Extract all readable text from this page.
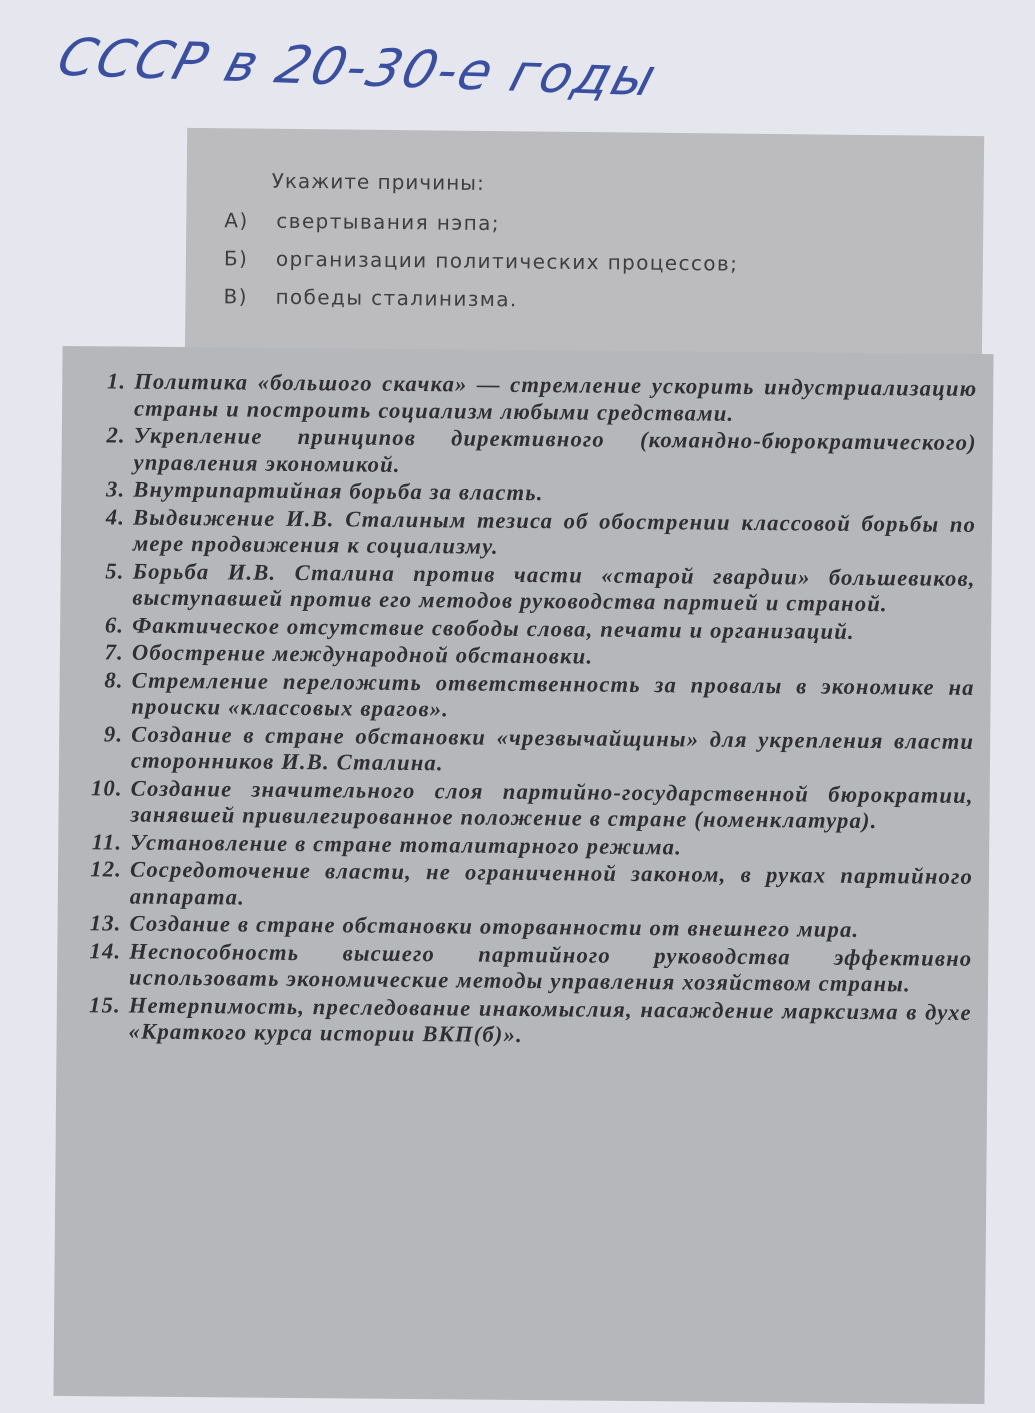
СССР в 20-30-е годы
Укажите причины:
А) свертывания нэпа;
Б) организации политических процессов;
В) победы сталинизма.
1. Политика «большого скачка» — стремление ускорить индустриализацию страны и построить социализм любыми средствами.
2. Укрепление принципов директивного (командно-бюрократического) управления экономикой.
3. Внутрипартийная борьба за власть.
4. Выдвижение И.В. Сталиным тезиса об обострении классовой борьбы по мере продвижения к социализму.
5. Борьба И.В. Сталина против части «старой гвардии» большевиков, выступавшей против его методов руководства партией и страной.
6. Фактическое отсутствие свободы слова, печати и организаций.
7. Обострение международной обстановки.
8. Стремление переложить ответственность за провалы в экономике на происки «классовых врагов».
9. Создание в стране обстановки «чрезвычайщины» для укрепления власти сторонников И.В. Сталина.
10. Создание значительного слоя партийно-государственной бюрократии, занявшей привилегированное положение в стране (номенклатура).
11. Установление в стране тоталитарного режима.
12. Сосредоточение власти, не ограниченной законом, в руках партийного аппарата.
13. Создание в стране обстановки оторванности от внешнего мира.
14. Неспособность высшего партийного руководства эффективно использовать экономические методы управления хозяйством страны.
15. Нетерпимость, преследование инакомыслия, насаждение марксизма в духе «Краткого курса истории ВКП(б)».
